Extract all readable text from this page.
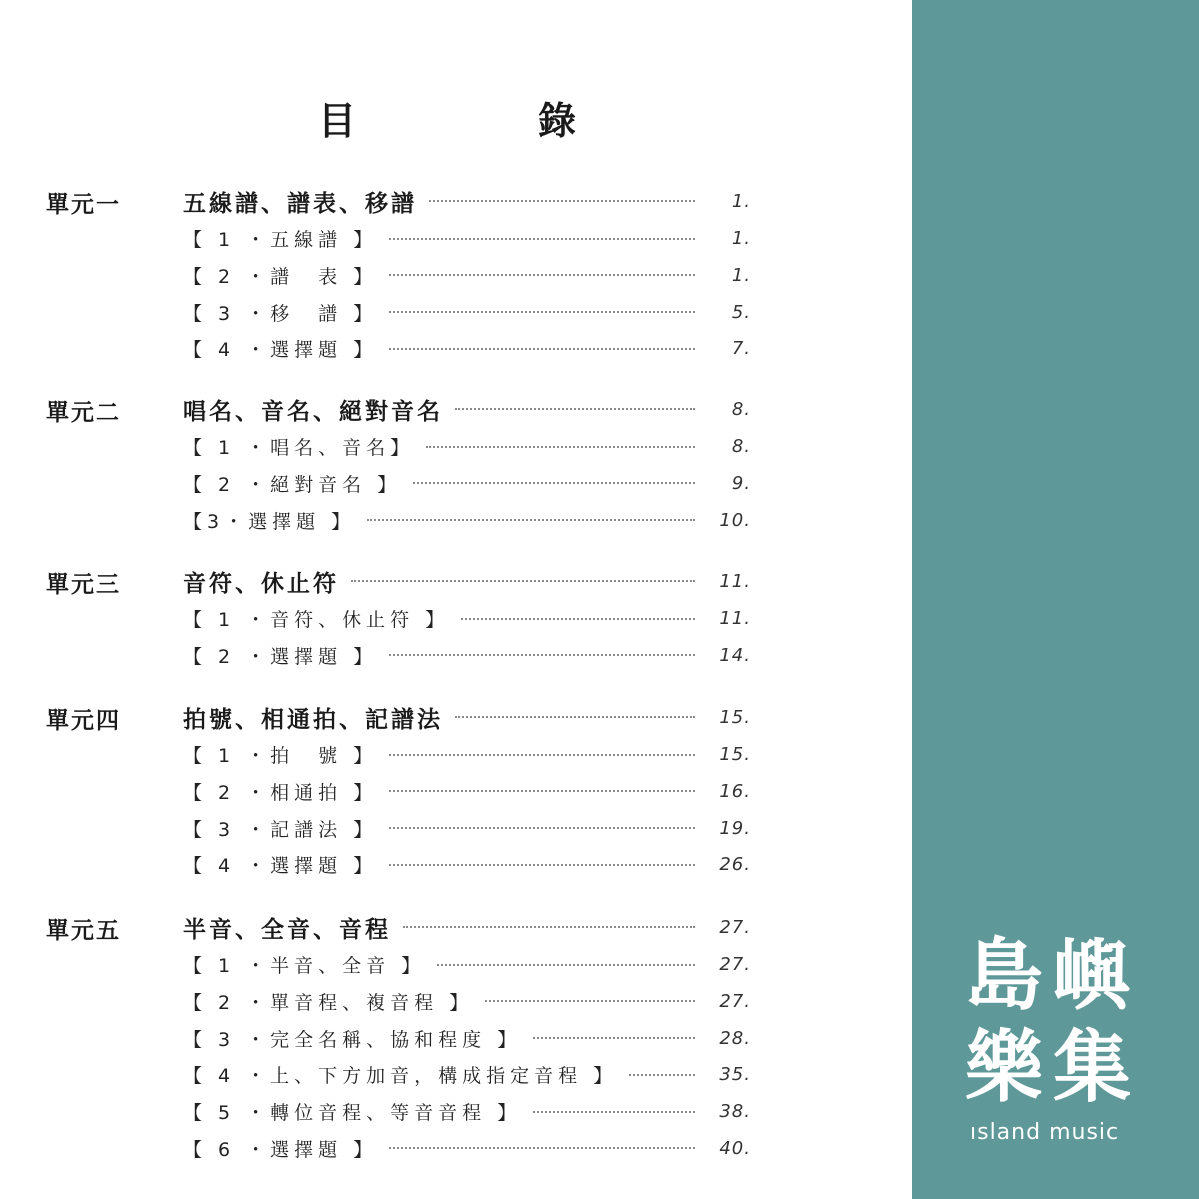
目　錄
單元一	五線譜、譜表、移譜	1.
【 1 ・五線譜 】	1.
【 2 ・譜　表 】	1.
【 3 ・移　譜 】	5.
【 4 ・選擇題 】	7.
單元二	唱名、音名、絕對音名	8.
【 1 ・唱名、音名】	8.
【 2 ・絕對音名 】	9.
【3・選擇題 】	10.
單元三	音符、休止符	11.
【 1 ・音符、休止符 】	11.
【 2 ・選擇題 】	14.
單元四	拍號、相通拍、記譜法	15.
【 1 ・拍　號 】	15.
【 2 ・相通拍 】	16.
【 3 ・記譜法 】	19.
【 4 ・選擇題 】	26.
單元五	半音、全音、音程	27.
【 1 ・半音、全音 】	27.
【 2 ・單音程、複音程 】	27.
【 3 ・完全名稱、協和程度 】	28.
【 4 ・上、下方加音，構成指定音程 】	35.
【 5 ・轉位音程、等音音程 】	38.
【 6 ・選擇題 】	40.
島嶼樂集
ısland music
